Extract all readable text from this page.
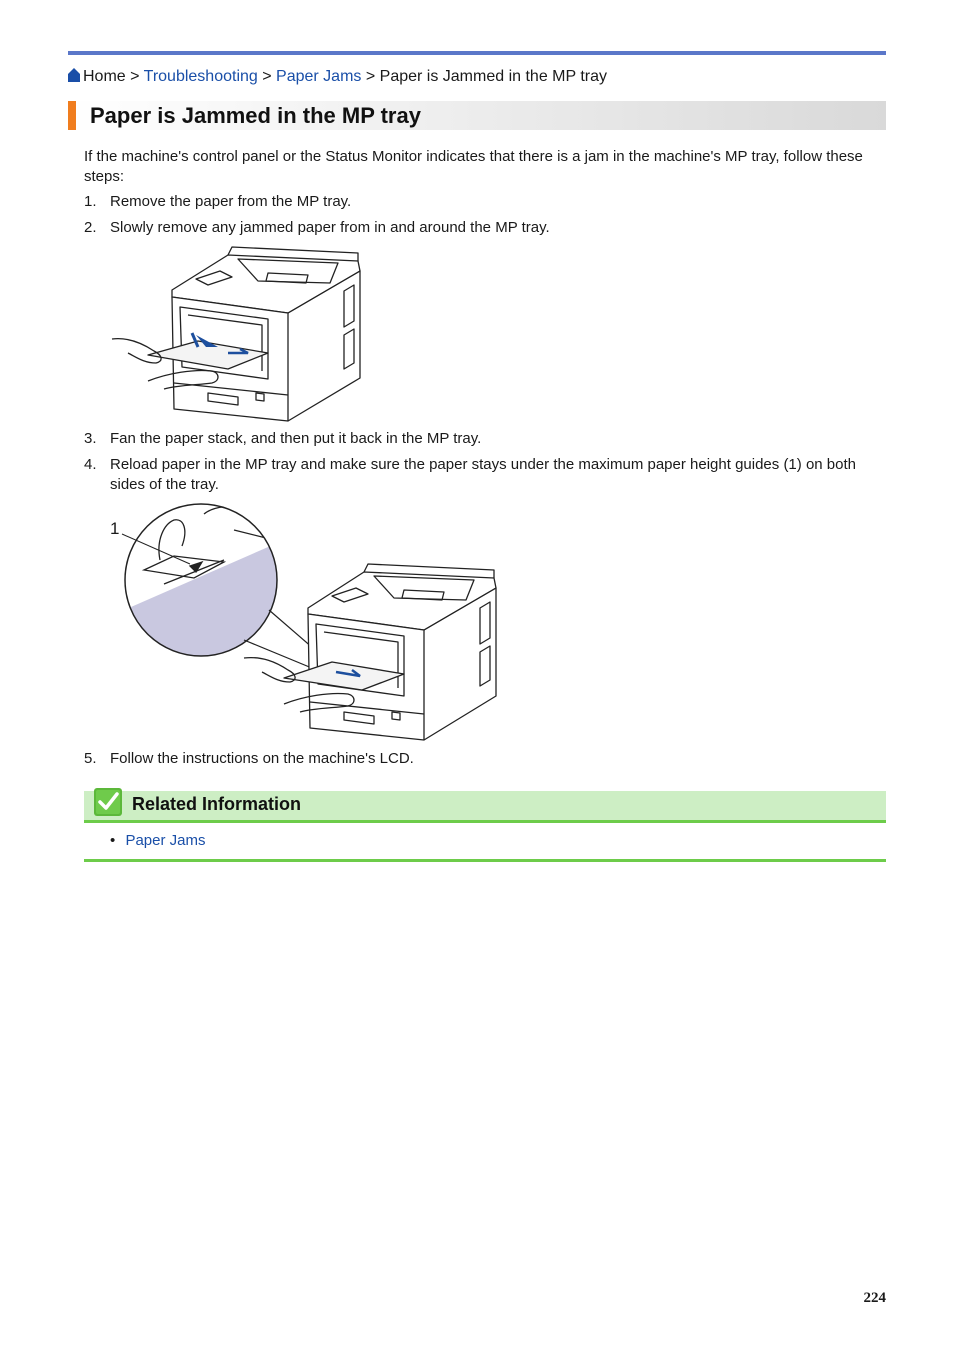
Home > Troubleshooting > Paper Jams > Paper is Jammed in the MP tray
Paper is Jammed in the MP tray
If the machine's control panel or the Status Monitor indicates that there is a jam in the machine's MP tray, follow these steps:
1. Remove the paper from the MP tray.
2. Slowly remove any jammed paper from in and around the MP tray.
3. Fan the paper stack, and then put it back in the MP tray.
4. Reload paper in the MP tray and make sure the paper stays under the maximum paper height guides (1) on both sides of the tray.
1
5. Follow the instructions on the machine's LCD.
Related Information
• Paper Jams
224
